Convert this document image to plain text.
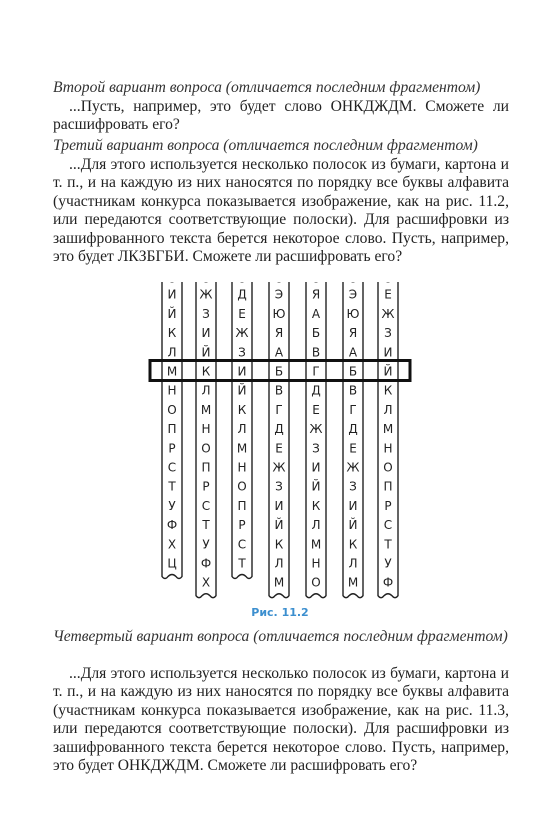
Второй вариант вопроса (отличается последним фрагментом)
...Пусть, например, это будет слово ОНКДЖДМ. Сможете ли расшифровать его?
Третий вариант вопроса (отличается последним фрагментом)
...Для этого используется несколько полосок из бумаги, картона и т. п., и на каждую из них наносятся по порядку все буквы алфавита (участникам конкурса показывается изображение, как на рис. 11.2, или передаются соответствующие полоски). Для расшифровки из зашифрованного текста берется некоторое слово. Пусть, например, это будет ЛКЗБГБИ. Сможете ли расшифровать его?
И
Й
К
Л
М
Н
О
П
Р
С
Т
У
Ф
Х
Ц
Ж
З
И
Й
К
Л
М
Н
О
П
Р
С
Т
У
Ф
Х
Д
Е
Ж
З
И
Й
К
Л
М
Н
О
П
Р
С
Т
Э
Ю
Я
А
Б
В
Г
Д
Е
Ж
З
И
Й
К
Л
М
Я
А
Б
В
Г
Д
Е
Ж
З
И
Й
К
Л
М
Н
О
Э
Ю
Я
А
Б
В
Г
Д
Е
Ж
З
И
Й
К
Л
М
Е
Ж
З
И
Й
К
Л
М
Н
О
П
Р
С
Т
У
Ф
Рис. 11.2
Четвертый вариант вопроса (отличается последним фрагментом)
...Для этого используется несколько полосок из бумаги, картона и т. п., и на каждую из них наносятся по порядку все буквы алфавита (участникам конкурса показывается изображение, как на рис. 11.3, или передаются соответствующие полоски). Для расшифровки из зашифрованного текста берется некоторое слово. Пусть, например, это будет ОНКДЖДМ. Сможете ли расшифровать его?
